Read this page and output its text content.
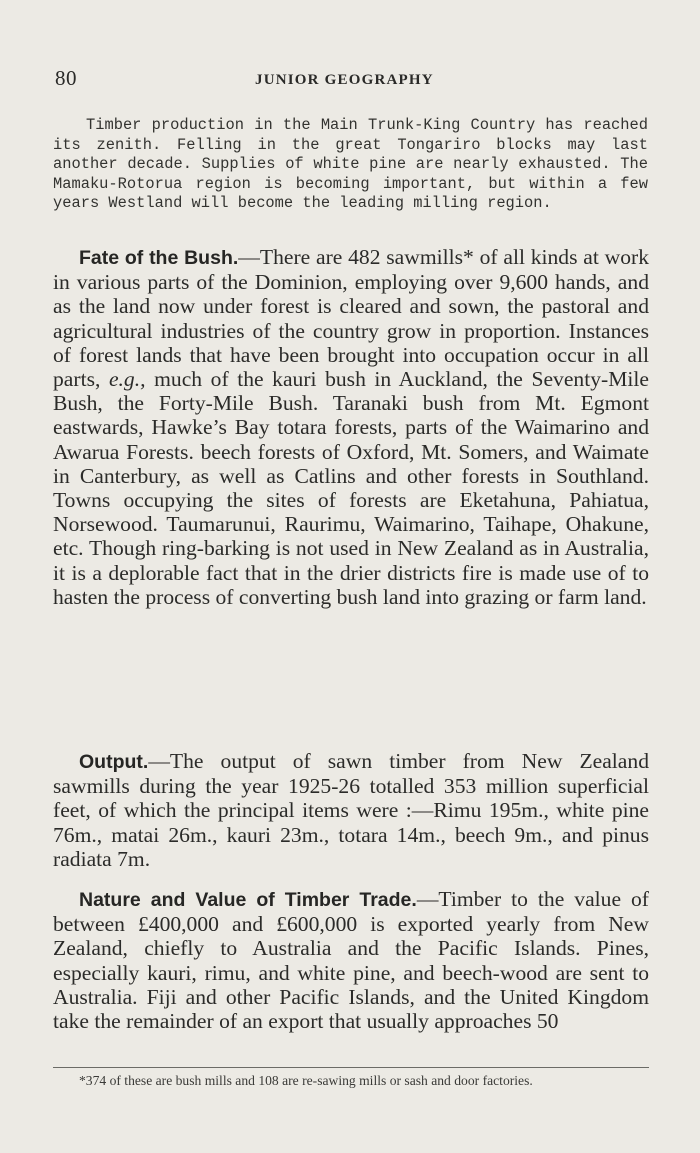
80	JUNIOR GEOGRAPHY

Timber production in the Main Trunk-King Country has reached its zenith. Felling in the great Tongariro blocks may last another decade. Supplies of white pine are nearly exhausted. The Mamaku-Rotorua region is becoming important, but within a few years Westland will become the leading milling region.

Fate of the Bush.—There are 482 sawmills* of all kinds at work in various parts of the Dominion, employing over 9,600 hands, and as the land now under forest is cleared and sown, the pastoral and agricultural industries of the country grow in proportion. Instances of forest lands that have been brought into occupation occur in all parts, e.g., much of the kauri bush in Auckland, the Seventy-Mile Bush, the Forty-Mile Bush. Taranaki bush from Mt. Egmont eastwards, Hawke’s Bay totara forests, parts of the Waimarino and Awarua Forests. beech forests of Oxford, Mt. Somers, and Waimate in Canterbury, as well as Catlins and other forests in Southland. Towns occupying the sites of forests are Eketahuna, Pahiatua, Norsewood. Taumarunui, Raurimu, Waimarino, Taihape, Ohakune, etc. Though ring-barking is not used in New Zealand as in Australia, it is a deplorable fact that in the drier districts fire is made use of to hasten the process of converting bush land into grazing or farm land.

Output.—The output of sawn timber from New Zealand sawmills during the year 1925-26 totalled 353 million superficial feet, of which the principal items were :—Rimu 195m., white pine 76m., matai 26m., kauri 23m., totara 14m., beech 9m., and pinus radiata 7m.

Nature and Value of Timber Trade.—Timber to the value of between £400,000 and £600,000 is exported yearly from New Zealand, chiefly to Australia and the Pacific Islands. Pines, especially kauri, rimu, and white pine, and beech-wood are sent to Australia. Fiji and other Pacific Islands, and the United Kingdom take the remainder of an export that usually approaches 50

*374 of these are bush mills and 108 are re-sawing mills or sash and door factories.
